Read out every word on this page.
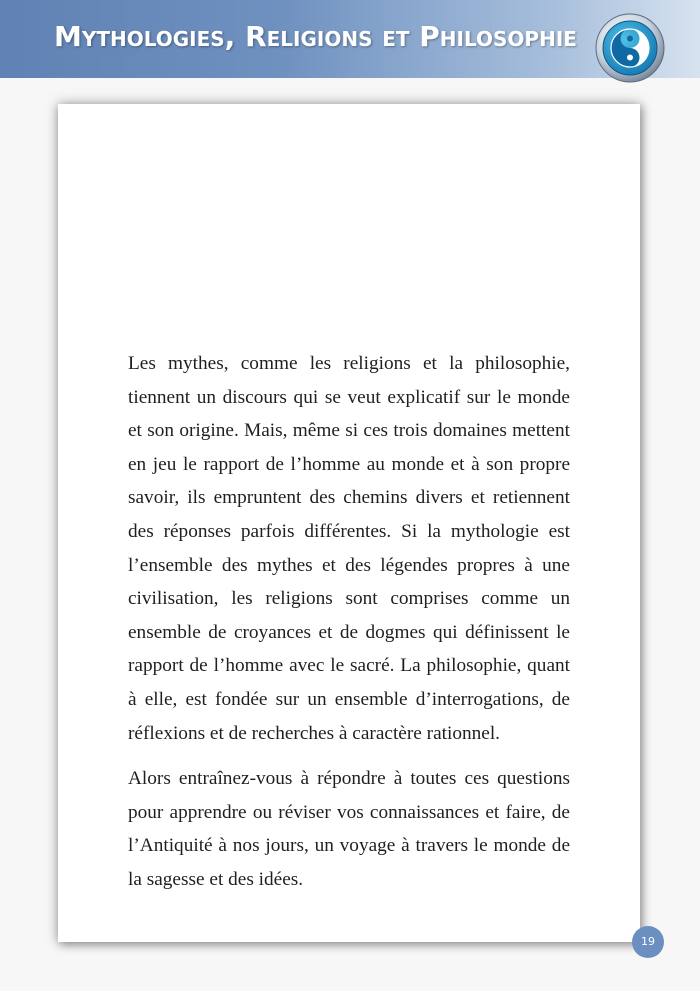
Mythologies, Religions et Philosophie

Les mythes, comme les religions et la philosophie, tiennent un discours qui se veut explicatif sur le monde et son origine. Mais, même si ces trois domaines mettent en jeu le rapport de l’homme au monde et à son propre savoir, ils empruntent des chemins divers et retiennent des réponses parfois différentes. Si la mythologie est l’ensemble des mythes et des légendes propres à une civilisation, les religions sont comprises comme un ensemble de croyances et de dogmes qui définissent le rapport de l’homme avec le sacré. La philosophie, quant à elle, est fondée sur un ensemble d’interrogations, de réflexions et de recherches à caractère rationnel.

Alors entraînez-vous à répondre à toutes ces questions pour apprendre ou réviser vos connaissances et faire, de l’Antiquité à nos jours, un voyage à travers le monde de la sagesse et des idées.

19
